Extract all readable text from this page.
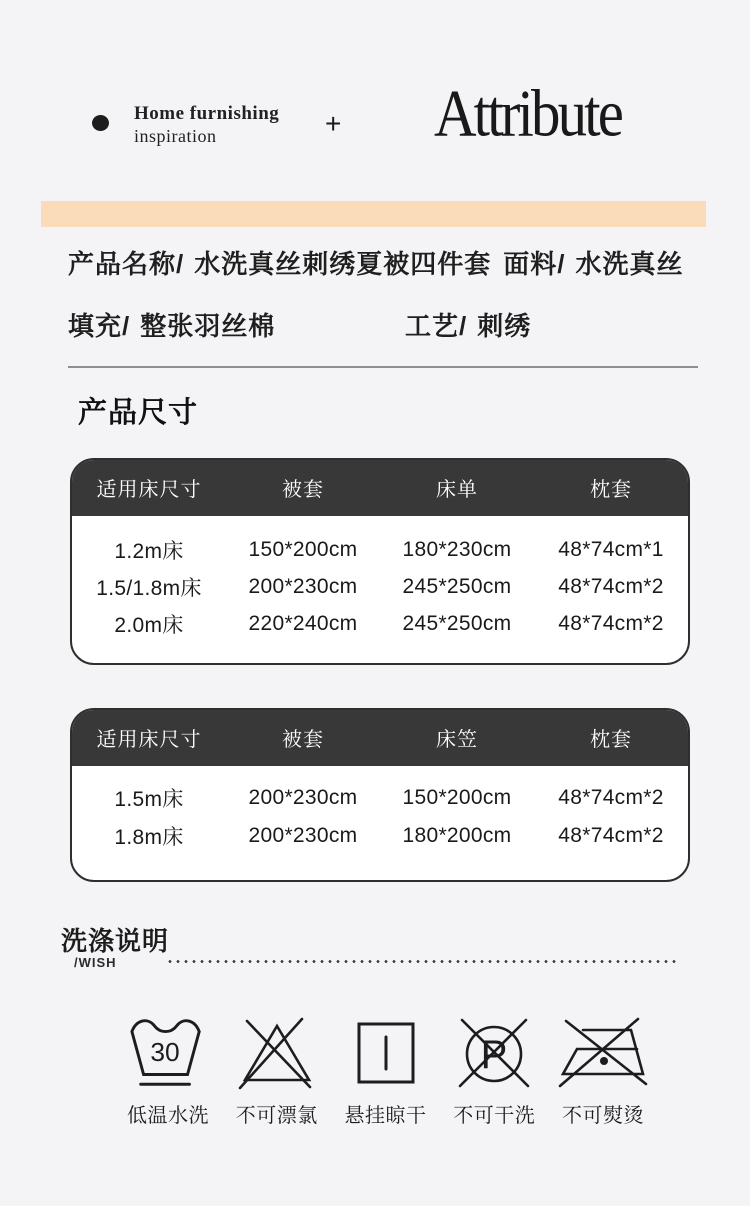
Home furnishing
inspiration	+	Attribute
产品名称/ 水洗真丝刺绣夏被四件套 面料/ 水洗真丝
填充/ 整张羽丝棉	工艺/ 刺绣
产品尺寸
适用床尺寸	被套	床单	枕套
1.2m床	150*200cm	180*230cm	48*74cm*1
1.5/1.8m床	200*230cm	245*250cm	48*74cm*2
2.0m床	220*240cm	245*250cm	48*74cm*2
适用床尺寸	被套	床笠	枕套
1.5m床	200*230cm	150*200cm	48*74cm*2
1.8m床	200*230cm	180*200cm	48*74cm*2
洗涤说明
/WISH
30
低温水洗 不可漂氯 悬挂晾干
P
不可干洗 不可熨烫
